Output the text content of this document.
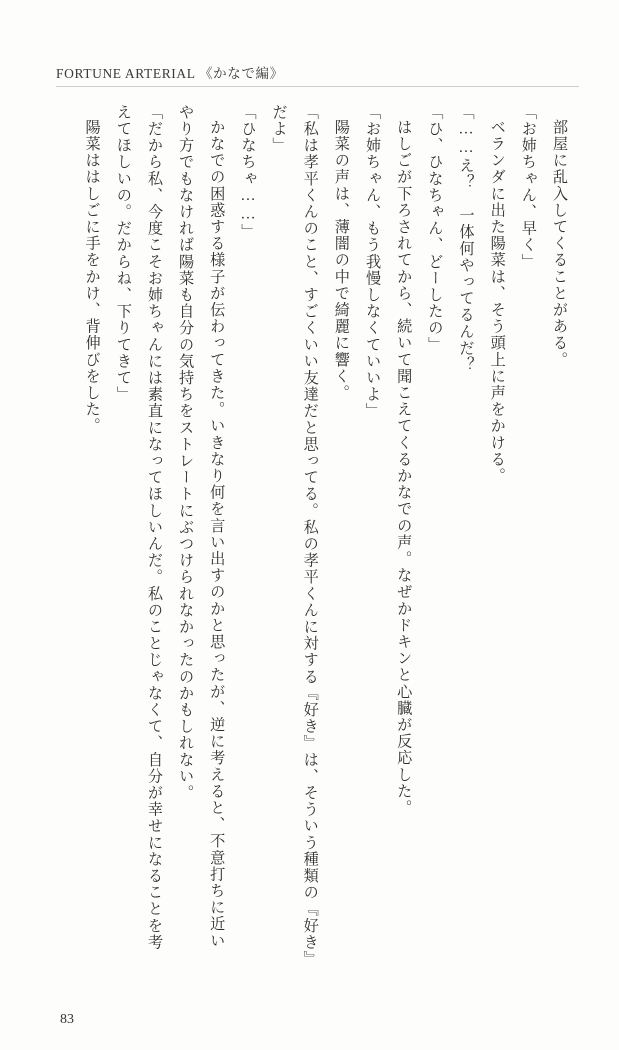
FORTUNE ARTERIAL 《かなで編》

部屋に乱入してくることがある。

「お姉ちゃん、早く」

ベランダに出た陽菜は、そう頭上に声をかける。

「……え？　一体何やってるんだ？

「ひ、ひなちゃん、どーしたの」

はしごが下ろされてから、続いて聞こえてくるかなでの声。なぜかドキンと心臓が反応した。

「お姉ちゃん、もう我慢しなくていいよ」

陽菜の声は、薄闇の中で綺麗に響く。

「私は孝平くんのこと、すごくいい友達だと思ってる。私の孝平くんに対する『好き』は、そういう種類の『好き』だよ」

「ひなちゃ……」

かなでの困惑する様子が伝わってきた。いきなり何を言い出すのかと思ったが、逆に考えると、不意打ちに近いやり方でもなければ陽菜も自分の気持ちをストレートにぶつけられなかったのかもしれない。

「だから私、今度こそお姉ちゃんには素直になってほしいんだ。私のことじゃなくて、自分が幸せになることを考えてほしいの。だからね、下りてきて」

陽菜ははしごに手をかけ、背伸びをした。

83
